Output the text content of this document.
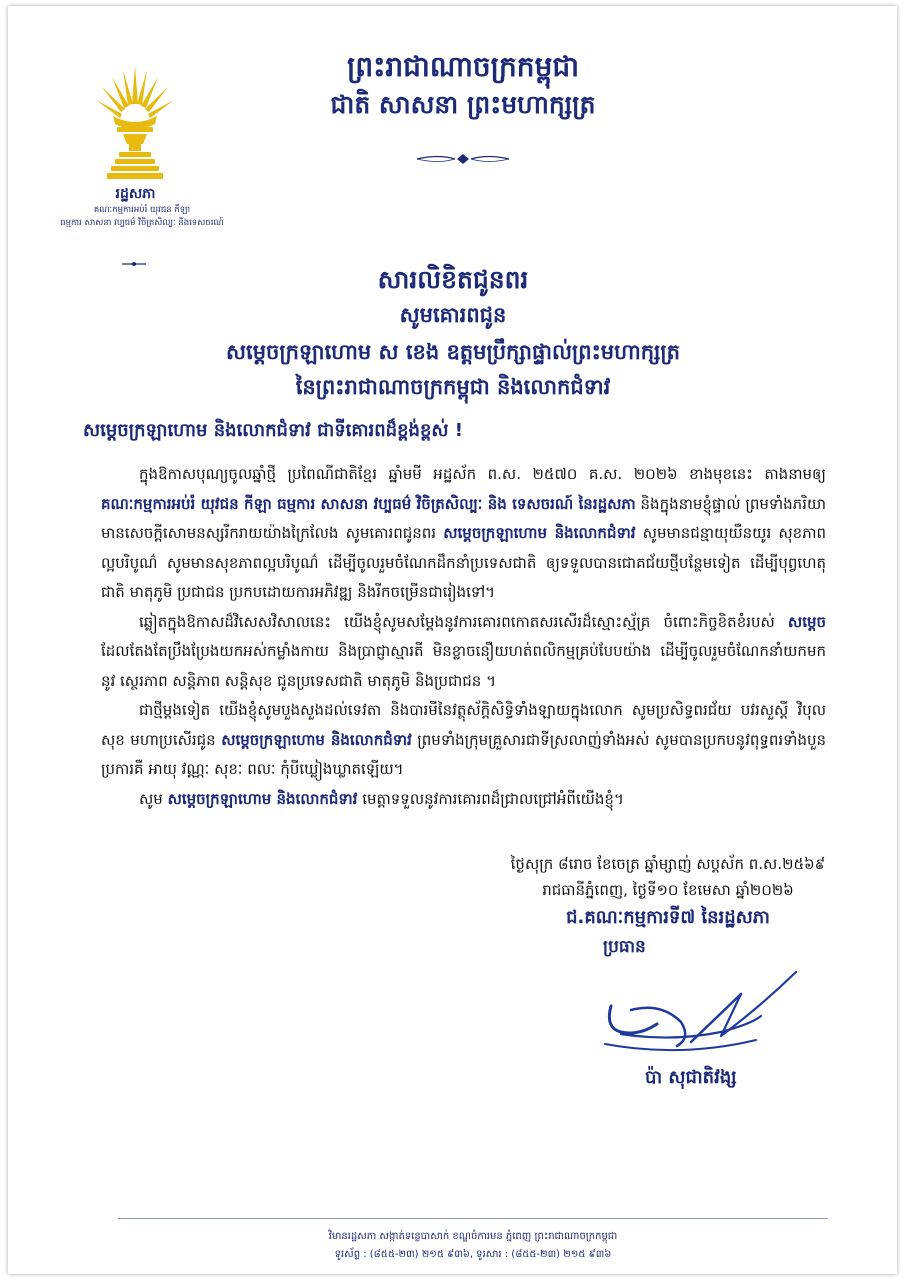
រដ្ឋសភា
គណៈកម្មការអប់រំ យុវជន កីឡា
ធម្មការ សាសនា វប្បធម៌ វិចិត្រសិល្បៈ និងទេសចរណ៍
ព្រះរាជាណាចក្រកម្ពុជា
ជាតិ សាសនា ព្រះមហាក្សត្រ
សារលិខិតជូនពរ
សូមគោរពជូន
សម្តេចក្រឡាហោម ស ខេង ឧត្តមប្រឹក្សាផ្ទាល់ព្រះមហាក្សត្រ
នៃព្រះរាជាណាចក្រកម្ពុជា និងលោកជំទាវ
សម្តេចក្រឡាហោម និងលោកជំទាវ ជាទីគោរពដ៏ខ្ពង់ខ្ពស់ !

ក្នុងឱកាសបុណ្យចូលឆ្នាំថ្មី ប្រពៃណីជាតិខ្មែរ ឆ្នាំមមី អដ្ឋស័ក ព.ស. ២៥៧០ គ.ស. ២០២៦ ខាងមុខនេះ តាងនាមឲ្យ គណៈកម្មការអប់រំ យុវជន កីឡា ធម្មការ សាសនា វប្បធម៌ វិចិត្រសិល្បៈ និង ទេសចរណ៍ នៃរដ្ឋសភា និងក្នុងនាមខ្ញុំផ្ទាល់ ព្រមទាំងភរិយា មានសេចក្តីសោមនស្សរីករាយយ៉ាងក្រៃលែង សូមគោរពជូនពរ សម្តេចក្រឡាហោម និងលោកជំទាវ សូមមានជន្មាយុយឺនយូរ សុខភាពល្អបរិបូណ៌ សូមមានសុខភាពល្អបរិបូណ៌ ដើម្បីចូលរួមចំណែកដឹកនាំប្រទេសជាតិ ឲ្យទទួលបានជោគជ័យថ្មីបន្ថែមទៀត ដើម្បីបុព្វហេតុជាតិ មាតុភូមិ ប្រជាជន ប្រកបដោយការអភិវឌ្ឍ និងរីកចម្រើនជារៀងទៅ។

ឆ្លៀតក្នុងឱកាសដ៏វិសេសវិសាលនេះ យើងខ្ញុំសូមសម្តែងនូវការគោរពកោតសរសើរដ៏ស្មោះស្ម័គ្រ ចំពោះកិច្ចខិតខំរបស់ សម្តេច ដែលតែងតែប្រឹងប្រែងយកអស់កម្លាំងកាយ និងប្រាជ្ញាស្មារតី មិនខ្លាចនឿយហត់ពលិកម្មគ្រប់បែបយ៉ាង ដើម្បីចូលរួមចំណែកនាំយកមកនូវ ស្ថេរភាព សន្តិភាព សន្តិសុខ ជូនប្រទេសជាតិ មាតុភូមិ និងប្រជាជន ។

ជាថ្មីម្តងទៀត យើងខ្ញុំសូមបួងសួងដល់ទេវតា និងបារមីនៃវត្ថុស័ក្តិសិទ្ធិទាំងឡាយក្នុងលោក សូមប្រសិទ្ធពរជ័យ បវរសួស្តី វិបុលសុខ មហាប្រសើរជូន សម្តេចក្រឡាហោម និងលោកជំទាវ ព្រមទាំងក្រុមគ្រួសារជាទីស្រលាញ់ទាំងអស់ សូមបានប្រកបនូវពុទ្ធពរទាំងបួនប្រការគឺ អាយុ វណ្ណៈ សុខៈ ពលៈ កុំបីឃ្លៀងឃ្លាតឡើយ។

សូម សម្តេចក្រឡាហោម និងលោកជំទាវ មេត្តាទទួលនូវការគោរពដ៏ជ្រាលជ្រៅអំពីយើងខ្ញុំ។

ថ្ងៃសុក្រ ៨រោច ខែចេត្រ ឆ្នាំម្សាញ់ សប្តស័ក ព.ស.២៥៦៩
រាជធានីភ្នំពេញ, ថ្ងៃទី១០ ខែមេសា ឆ្នាំ២០២៦
ជ.គណៈកម្មការទី៧ នៃរដ្ឋសភា
ប្រធាន
ប៉ា សុជាតិវង្ស
វិមានរដ្ឋសភា សង្កាត់ទន្លេបាសាក់ ខណ្ឌចំការមន ភ្នំពេញ ព្រះរាជាណាចក្រកម្ពុជា
ទូរស័ព្ទ : (៨៥៥-២៣) ២១៥ ៩៣៦, ទូរសារ : (៨៥៥-២៣) ២១៥ ៩៣៦
